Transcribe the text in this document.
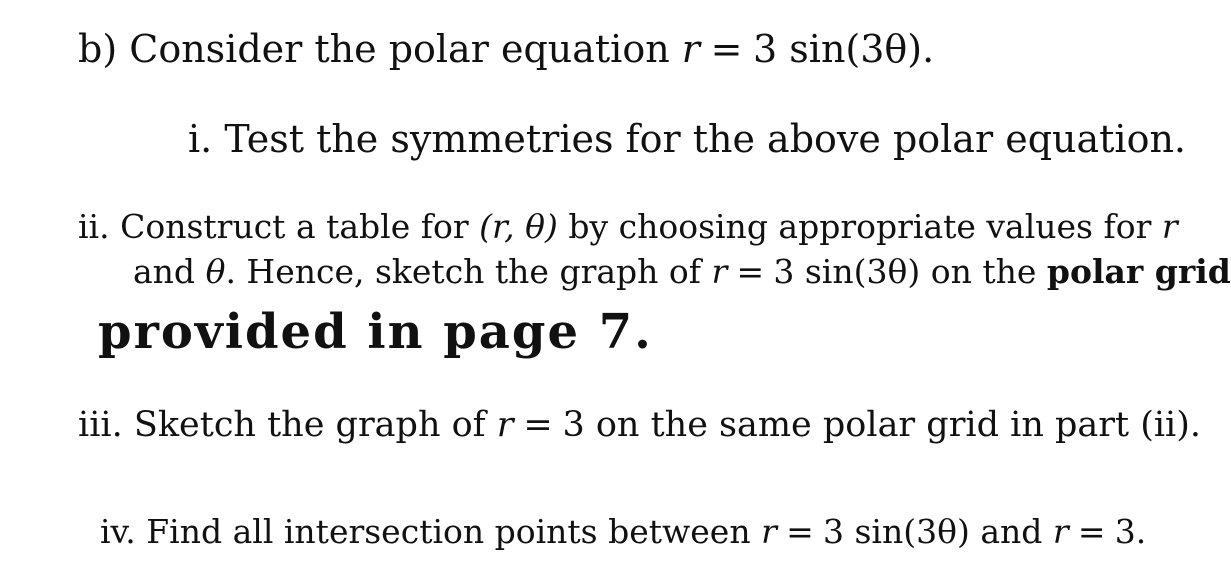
b) Consider the polar equation r = 3 sin(3θ).
i. Test the symmetries for the above polar equation.
ii. Construct a table for (r, θ) by choosing appropriate values for r
and θ. Hence, sketch the graph of r = 3 sin(3θ) on the polar grid
provided in page 7.
iii. Sketch the graph of r = 3 on the same polar grid in part (ii).
iv. Find all intersection points between r = 3 sin(3θ) and r = 3.
